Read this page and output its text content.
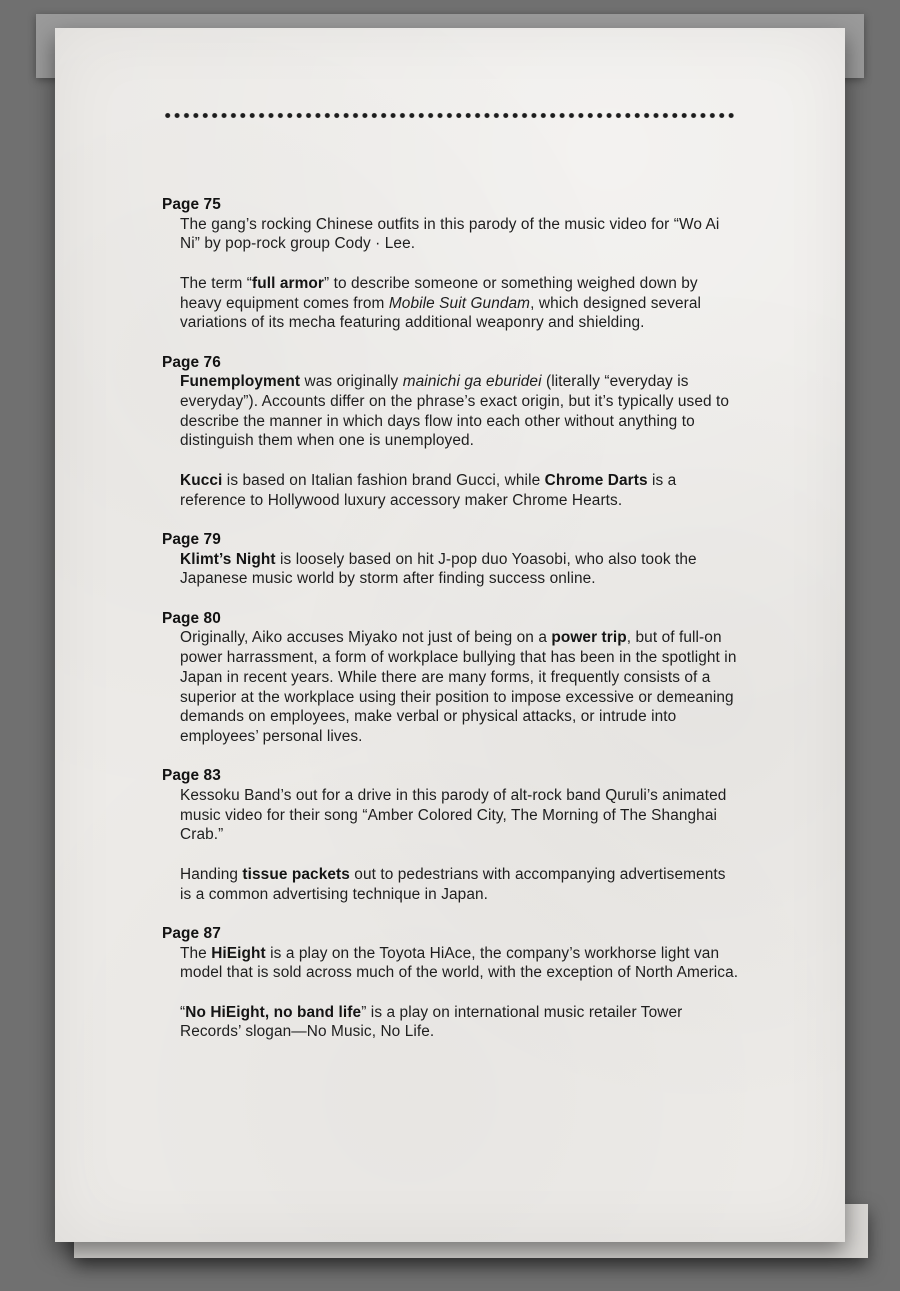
Page 75

The gang’s rocking Chinese outfits in this parody of the music video for “Wo Ai Ni” by pop-rock group Cody · Lee.

The term “full armor” to describe someone or something weighed down by heavy equipment comes from Mobile Suit Gundam, which designed several variations of its mecha featuring additional weaponry and shielding.

Page 76

Funemployment was originally mainichi ga eburidei (literally “everyday is everyday”). Accounts differ on the phrase’s exact origin, but it’s typically used to describe the manner in which days flow into each other without anything to distinguish them when one is unemployed.

Kucci is based on Italian fashion brand Gucci, while Chrome Darts is a reference to Hollywood luxury accessory maker Chrome Hearts.

Page 79

Klimt’s Night is loosely based on hit J-pop duo Yoasobi, who also took the Japanese music world by storm after finding success online.

Page 80

Originally, Aiko accuses Miyako not just of being on a power trip, but of full-on power harrassment, a form of workplace bullying that has been in the spotlight in Japan in recent years. While there are many forms, it frequently consists of a superior at the workplace using their position to impose excessive or demeaning demands on employees, make verbal or physical attacks, or intrude into employees’ personal lives.

Page 83

Kessoku Band’s out for a drive in this parody of alt-rock band Quruli’s animated music video for their song “Amber Colored City, The Morning of The Shanghai Crab.”

Handing tissue packets out to pedestrians with accompanying advertisements is a common advertising technique in Japan.

Page 87

The HiEight is a play on the Toyota HiAce, the company’s workhorse light van model that is sold across much of the world, with the exception of North America.

“No HiEight, no band life” is a play on international music retailer Tower Records’ slogan—No Music, No Life.
